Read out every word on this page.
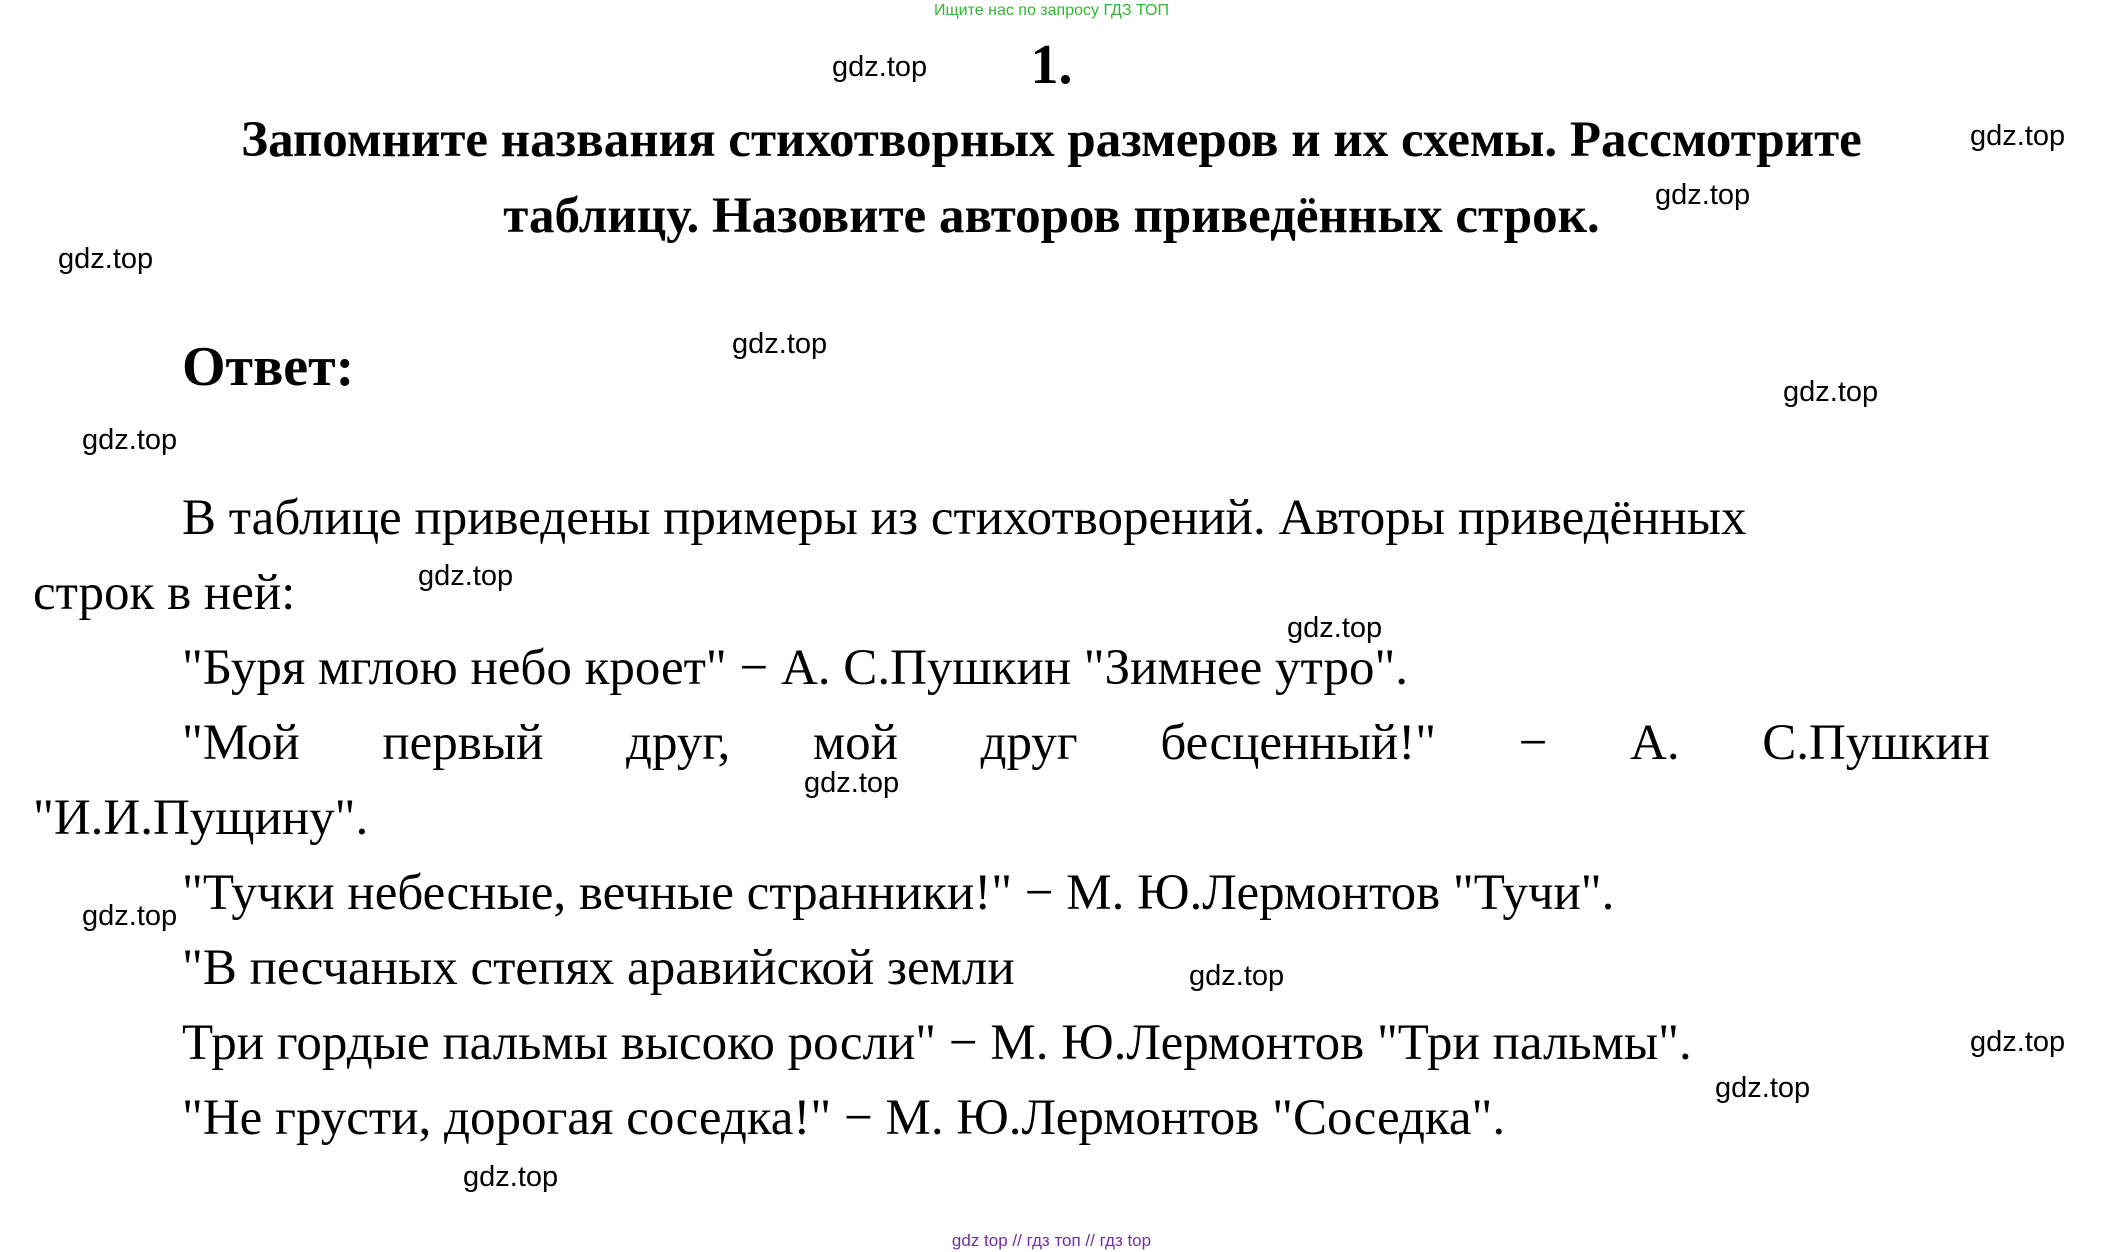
Ищите нас по запросу ГДЗ ТОП
1.
Запомните названия стихотворных размеров и их схемы. Рассмотрите
таблицу. Назовите авторов приведённых строк.
Ответ:
В таблице приведены примеры из стихотворений. Авторы приведённых
строк в ней:
"Буря мглою небо кроет" − А. С.Пушкин "Зимнее утро".
"Мой первый друг, мой друг бесценный!" − А. С.Пушкин
"И.И.Пущину".
"Тучки небесные, вечные странники!" − М. Ю.Лермонтов "Тучи".
"В песчаных степях аравийской земли
Три гордые пальмы высоко росли" − М. Ю.Лермонтов "Три пальмы".
"Не грусти, дорогая соседка!" − М. Ю.Лермонтов "Соседка".
gdz.top
gdz.top
gdz.top
gdz.top
gdz.top
gdz.top
gdz.top
gdz.top
gdz.top
gdz.top
gdz.top
gdz.top
gdz.top
gdz.top
gdz.top
gdz top // гдз топ // гдз top
